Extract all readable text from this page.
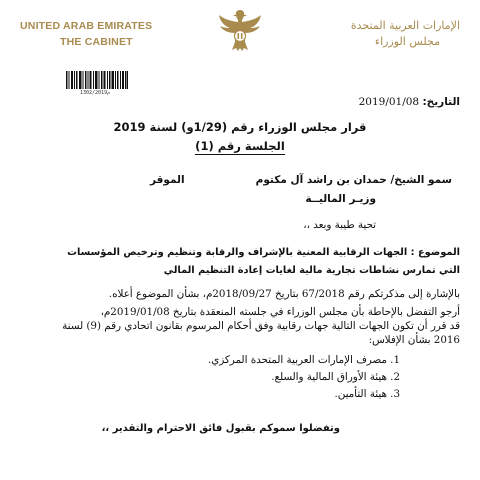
UNITED ARAB EMIRATES
THE CABINET
الإمارات العربية المتحدة
مجلس الوزراء
1302/2019م
التاريخ: 2019/01/08
قرار مجلس الوزراء رقم (1/29و) لسنة 2019
الجلسة رقم (1)
سمو الشيخ/ حمدان بن راشد آل مكتوم
الموقر
وزيـر الماليــة
تحية طيبة وبعد ،،
الموضوع : الجهات الرقابية المعنية بالإشراف والرقابة وتنظيم وترخيص المؤسسات
التي تمارس نشاطات تجارية مالية لغايات إعادة التنظيم المالي
بالإشارة إلى مذكرتكم رقم 67/2018 بتاريخ 2018/09/27م، بشأن الموضوع أعلاه.
أرجو التفضل بالإحاطة بأن مجلس الوزراء في جلسته المنعقدة بتاريخ 2019/01/08م،
قد قرر أن تكون الجهات التالية جهات رقابية وفق أحكام المرسوم بقانون اتحادي رقم (9) لسنة
2016 بشأن الإفلاس:
1. مصرف الإمارات العربية المتحدة المركزي.
2. هيئة الأوراق المالية والسلع.
3. هيئة التأمين.
وتفضلوا سموكم بقبول فائق الاحترام والتقدير ،،
